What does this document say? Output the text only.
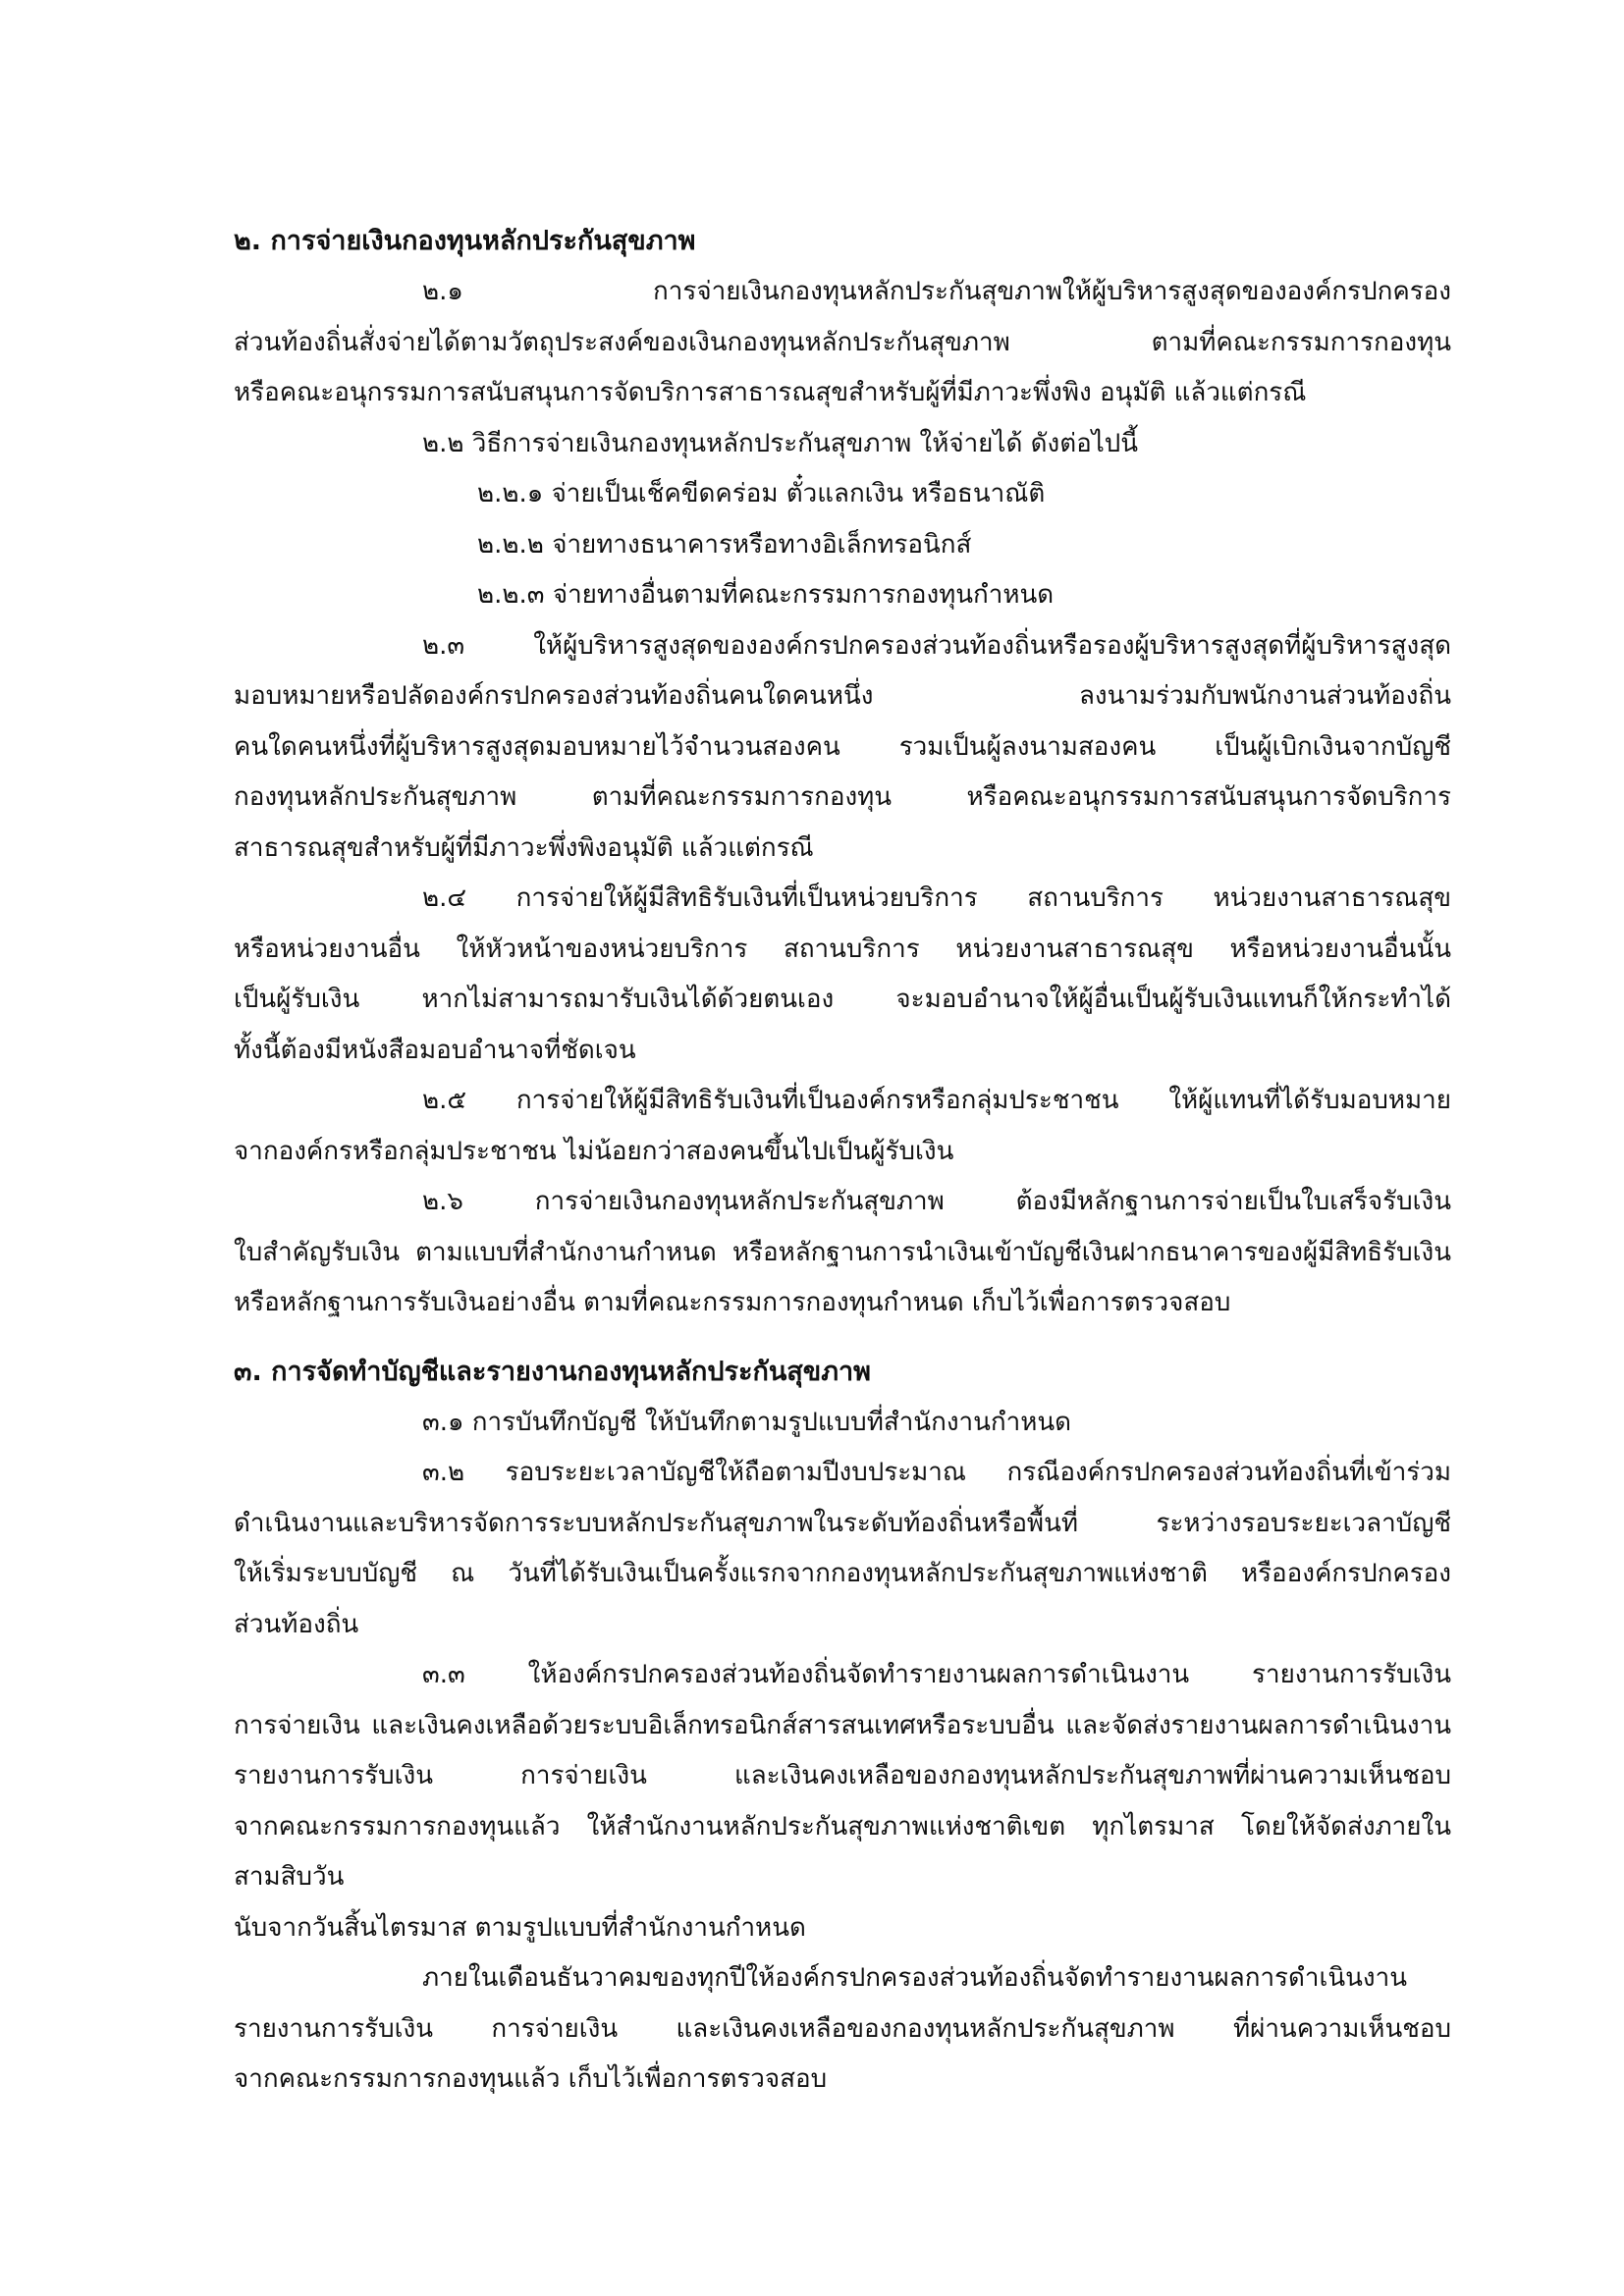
๒. การจ่ายเงินกองทุนหลักประกันสุขภาพ
๒.๑ การจ่ายเงินกองทุนหลักประกันสุขภาพให้ผู้บริหารสูงสุดขององค์กรปกครอง
ส่วนท้องถิ่นสั่งจ่ายได้ตามวัตถุประสงค์ของเงินกองทุนหลักประกันสุขภาพ ตามที่คณะกรรมการกองทุน
หรือคณะอนุกรรมการสนับสนุนการจัดบริการสาธารณสุขสำหรับผู้ที่มีภาวะพึ่งพิง อนุมัติ แล้วแต่กรณี
๒.๒ วิธีการจ่ายเงินกองทุนหลักประกันสุขภาพ ให้จ่ายได้ ดังต่อไปนี้
๒.๒.๑ จ่ายเป็นเช็คขีดคร่อม ตั๋วแลกเงิน หรือธนาณัติ
๒.๒.๒ จ่ายทางธนาคารหรือทางอิเล็กทรอนิกส์
๒.๒.๓ จ่ายทางอื่นตามที่คณะกรรมการกองทุนกำหนด
๒.๓ ให้ผู้บริหารสูงสุดขององค์กรปกครองส่วนท้องถิ่นหรือรองผู้บริหารสูงสุดที่ผู้บริหารสูงสุด
มอบหมายหรือปลัดองค์กรปกครองส่วนท้องถิ่นคนใดคนหนึ่ง ลงนามร่วมกับพนักงานส่วนท้องถิ่น
คนใดคนหนึ่งที่ผู้บริหารสูงสุดมอบหมายไว้จำนวนสองคน รวมเป็นผู้ลงนามสองคน เป็นผู้เบิกเงินจากบัญชี
กองทุนหลักประกันสุขภาพ ตามที่คณะกรรมการกองทุน หรือคณะอนุกรรมการสนับสนุนการจัดบริการ
สาธารณสุขสำหรับผู้ที่มีภาวะพึ่งพิงอนุมัติ แล้วแต่กรณี
๒.๔ การจ่ายให้ผู้มีสิทธิรับเงินที่เป็นหน่วยบริการ สถานบริการ หน่วยงานสาธารณสุข
หรือหน่วยงานอื่น ให้หัวหน้าของหน่วยบริการ สถานบริการ หน่วยงานสาธารณสุข หรือหน่วยงานอื่นนั้น
เป็นผู้รับเงิน หากไม่สามารถมารับเงินได้ด้วยตนเอง จะมอบอำนาจให้ผู้อื่นเป็นผู้รับเงินแทนก็ให้กระทำได้
ทั้งนี้ต้องมีหนังสือมอบอำนาจที่ชัดเจน
๒.๕ การจ่ายให้ผู้มีสิทธิรับเงินที่เป็นองค์กรหรือกลุ่มประชาชน ให้ผู้แทนที่ได้รับมอบหมาย
จากองค์กรหรือกลุ่มประชาชน ไม่น้อยกว่าสองคนขึ้นไปเป็นผู้รับเงิน
๒.๖ การจ่ายเงินกองทุนหลักประกันสุขภาพ ต้องมีหลักฐานการจ่ายเป็นใบเสร็จรับเงิน
ใบสำคัญรับเงิน ตามแบบที่สำนักงานกำหนด หรือหลักฐานการนำเงินเข้าบัญชีเงินฝากธนาคารของผู้มีสิทธิรับเงิน
หรือหลักฐานการรับเงินอย่างอื่น ตามที่คณะกรรมการกองทุนกำหนด เก็บไว้เพื่อการตรวจสอบ
๓. การจัดทำบัญชีและรายงานกองทุนหลักประกันสุขภาพ
๓.๑ การบันทึกบัญชี ให้บันทึกตามรูปแบบที่สำนักงานกำหนด
๓.๒ รอบระยะเวลาบัญชีให้ถือตามปีงบประมาณ กรณีองค์กรปกครองส่วนท้องถิ่นที่เข้าร่วม
ดำเนินงานและบริหารจัดการระบบหลักประกันสุขภาพในระดับท้องถิ่นหรือพื้นที่ ระหว่างรอบระยะเวลาบัญชี
ให้เริ่มระบบบัญชี ณ วันที่ได้รับเงินเป็นครั้งแรกจากกองทุนหลักประกันสุขภาพแห่งชาติ หรือองค์กรปกครอง
ส่วนท้องถิ่น
๓.๓ ให้องค์กรปกครองส่วนท้องถิ่นจัดทำรายงานผลการดำเนินงาน รายงานการรับเงิน
การจ่ายเงิน และเงินคงเหลือด้วยระบบอิเล็กทรอนิกส์สารสนเทศหรือระบบอื่น และจัดส่งรายงานผลการดำเนินงาน
รายงานการรับเงิน การจ่ายเงิน และเงินคงเหลือของกองทุนหลักประกันสุขภาพที่ผ่านความเห็นชอบ
จากคณะกรรมการกองทุนแล้ว ให้สำนักงานหลักประกันสุขภาพแห่งชาติเขต ทุกไตรมาส โดยให้จัดส่งภายในสามสิบวัน
นับจากวันสิ้นไตรมาส ตามรูปแบบที่สำนักงานกำหนด
ภายในเดือนธันวาคมของทุกปีให้องค์กรปกครองส่วนท้องถิ่นจัดทำรายงานผลการดำเนินงาน
รายงานการรับเงิน การจ่ายเงิน และเงินคงเหลือของกองทุนหลักประกันสุขภาพ ที่ผ่านความเห็นชอบ
จากคณะกรรมการกองทุนแล้ว เก็บไว้เพื่อการตรวจสอบ
